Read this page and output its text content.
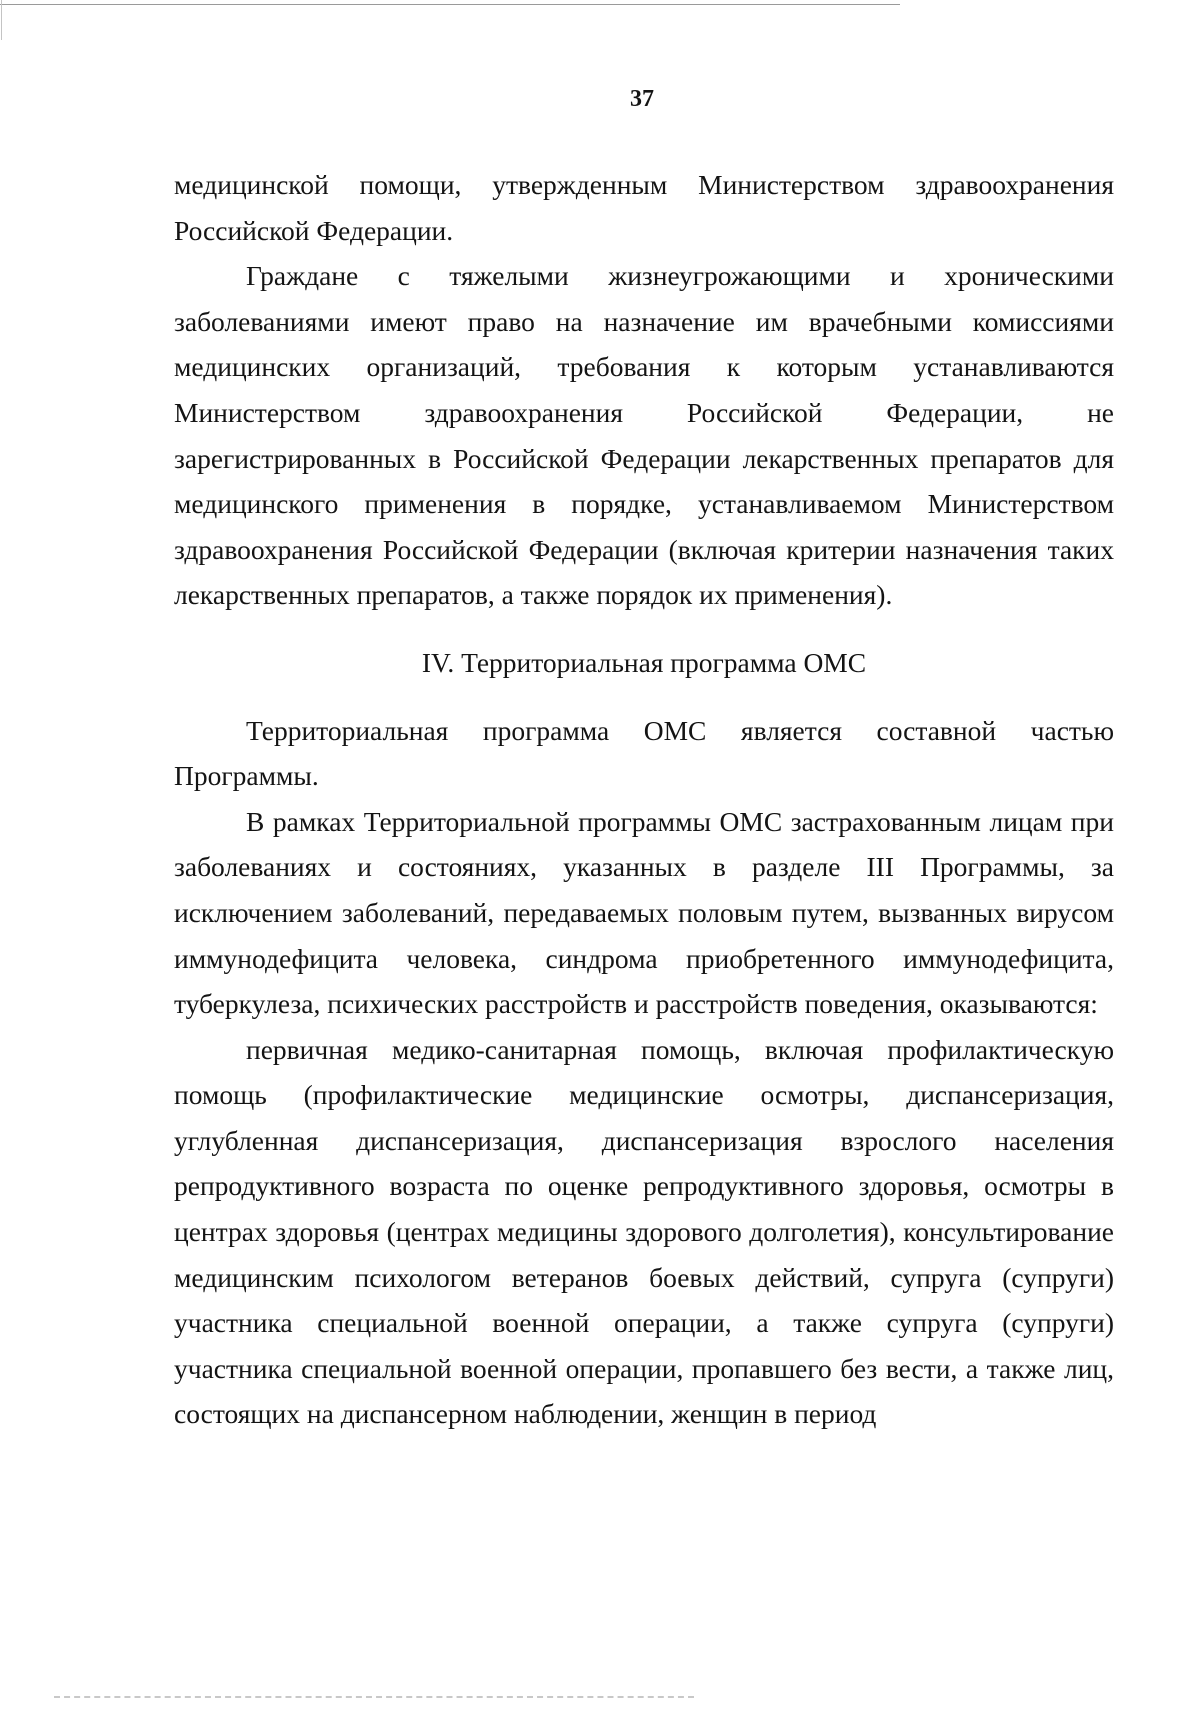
37

медицинской помощи, утвержденным Министерством здравоохранения Российской Федерации.

Граждане с тяжелыми жизнеугрожающими и хроническими заболеваниями имеют право на назначение им врачебными комиссиями медицинских организаций, требования к которым устанавливаются Министерством здравоохранения Российской Федерации, не зарегистрированных в Российской Федерации лекарственных препаратов для медицинского применения в порядке, устанавливаемом Министерством здравоохранения Российской Федерации (включая критерии назначения таких лекарственных препаратов, а также порядок их применения).

IV. Территориальная программа ОМС

Территориальная программа ОМС является составной частью Программы.

В рамках Территориальной программы ОМС застрахованным лицам при заболеваниях и состояниях, указанных в разделе III Программы, за исключением заболеваний, передаваемых половым путем, вызванных вирусом иммунодефицита человека, синдрома приобретенного иммунодефицита, туберкулеза, психических расстройств и расстройств поведения, оказываются:

первичная медико-санитарная помощь, включая профилактическую помощь (профилактические медицинские осмотры, диспансеризация, углубленная диспансеризация, диспансеризация взрослого населения репродуктивного возраста по оценке репродуктивного здоровья, осмотры в центрах здоровья (центрах медицины здорового долголетия), консультирование медицинским психологом ветеранов боевых действий, супруга (супруги) участника специальной военной операции, а также супруга (супруги) участника специальной военной операции, пропавшего без вести, а также лиц, состоящих на диспансерном наблюдении, женщин в период
